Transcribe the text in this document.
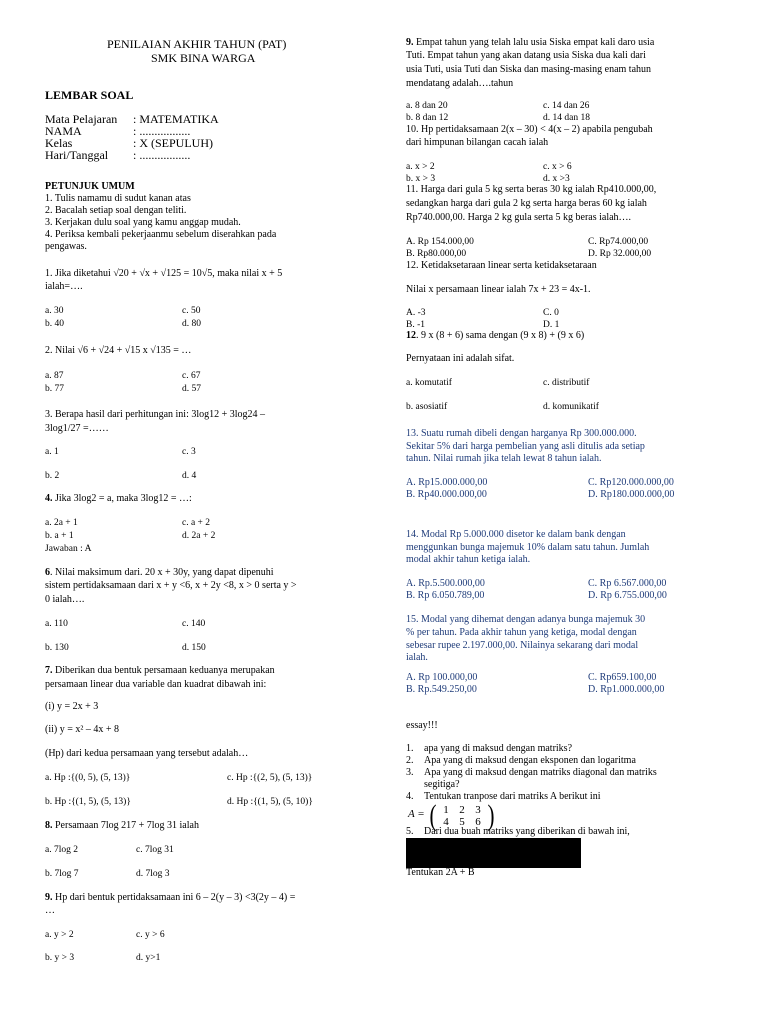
PENILAIAN AKHIR TAHUN (PAT)
SMK BINA WARGA
LEMBAR SOAL
Mata Pelajaran : MATEMATIKA
NAMA	: .................
Kelas	: X (SEPULUH)
Hari/Tanggal : .................
PETUNJUK UMUM
1. Tulis namamu di sudut kanan atas
2. Bacalah setiap soal dengan teliti.
3. Kerjakan dulu soal yang kamu anggap mudah.
4. Periksa kembali pekerjaanmu sebelum diserahkan pada
pengawas.
1. Jika diketahui √20 + √x + √125 = 10√5, maka nilai x + 5
ialah=….
a. 30
b. 40
c. 50
d. 80
2. Nilai √6 + √24 + √15 x √135 = …
a. 87
b. 77
c. 67
d. 57
3. Berapa hasil dari perhitungan ini: 3log12 + 3log24 –
3log1/27 =……
a. 1
b. 2
c. 3
d. 4
4. Jika 3log2 = a, maka 3log12 = …:
a. 2a + 1
b. a + 1
c. a + 2
d. 2a + 2
Jawaban : A
6. Nilai maksimum dari. 20 x + 30y, yang dapat dipenuhi
sistem pertidaksamaan dari x + y <6, x + 2y <8, x > 0 serta y >
0 ialah….
a. 110
b. 130
c. 140
d. 150
7. Diberikan dua bentuk persamaan keduanya merupakan
persamaan linear dua variable dan kuadrat dibawah ini:
(i) y = 2x + 3
(ii) y = x² – 4x + 8
(Hp) dari kedua persamaan yang tersebut adalah…
a. Hp :{(0, 5), (5, 13)}
b. Hp :{(1, 5), (5, 13)}
c. Hp :{(2, 5), (5, 13)}
d. Hp :{(1, 5), (5, 10)}
8. Persamaan 7log 217 + 7log 31 ialah
a. 7log 2
b. 7log 7
c. 7log 31
d. 7log 3
9. Hp dari bentuk pertidaksamaan ini 6 – 2(y – 3) <3(2y – 4) =
…
a. y > 2
b. y > 3
c. y > 6
d. y>1
9. Empat tahun yang telah lalu usia Siska empat kali daro usia
Tuti. Empat tahun yang akan datang usia Siska dua kali dari
usia Tuti, usia Tuti dan Siska dan masing-masing enam tahun
mendatang adalah….tahun
a. 8 dan 20
b. 8 dan 12
c. 14 dan 26
d. 14 dan 18
10. Hp pertidaksamaan 2(x – 30) < 4(x – 2) apabila pengubah
dari himpunan bilangan cacah ialah
a. x > 2
b. x > 3
c. x > 6
d. x >3
11. Harga dari gula 5 kg serta beras 30 kg ialah Rp410.000,00,
sedangkan harga dari gula 2 kg serta harga beras 60 kg ialah
Rp740.000,00. Harga 2 kg gula serta 5 kg beras ialah….
A. Rp 154.000,00
B. Rp80.000,00
C. Rp74.000,00
D. Rp 32.000,00
12. Ketidaksetaraan linear serta ketidaksetaraan
Nilai x persamaan linear ialah 7x + 23 = 4x-1.
A. -3
B. -1
C. 0
D. 1
12. 9 x (8 + 6) sama dengan (9 x 8) + (9 x 6)
Pernyataan ini adalah sifat.
a. komutatif
b. asosiatif
c. distributif
d. komunikatif
13. Suatu rumah dibeli dengan harganya Rp 300.000.000.
Sekitar 5% dari harga pembelian yang asli ditulis ada setiap
tahun. Nilai rumah jika telah lewat 8 tahun ialah.
A. Rp15.000.000,00
B. Rp40.000.000,00
C. Rp120.000.000,00
D. Rp180.000.000,00
14. Modal Rp 5.000.000 disetor ke dalam bank dengan
menggunkan bunga majemuk 10% dalam satu tahun. Jumlah
modal akhir tahun ketiga ialah.
A. Rp.5.500.000,00
B. Rp 6.050.789,00
C. Rp 6.567.000,00
D. Rp 6.755.000,00
15. Modal yang dihemat dengan adanya bunga majemuk 30
% per tahun. Pada akhir tahun yang ketiga, modal dengan
sebesar rupee 2.197.000,00. Nilainya sekarang dari modal
ialah.
A. Rp 100.000,00
B. Rp.549.250,00
C. Rp659.100,00
D. Rp1.000.000,00
essay!!!
1. apa yang di maksud dengan matriks?
2. Apa yang di maksud dengan eksponen dan logaritma
3. Apa yang di maksud dengan matriks diagonal dan matriks
segitiga?
4. Tentukan tranpose dari matriks A berikut ini
A = ( 1 2 3
4 5 6 )
5. Dari dua buah matriks yang diberikan di bawah ini,
Tentukan 2A + B
